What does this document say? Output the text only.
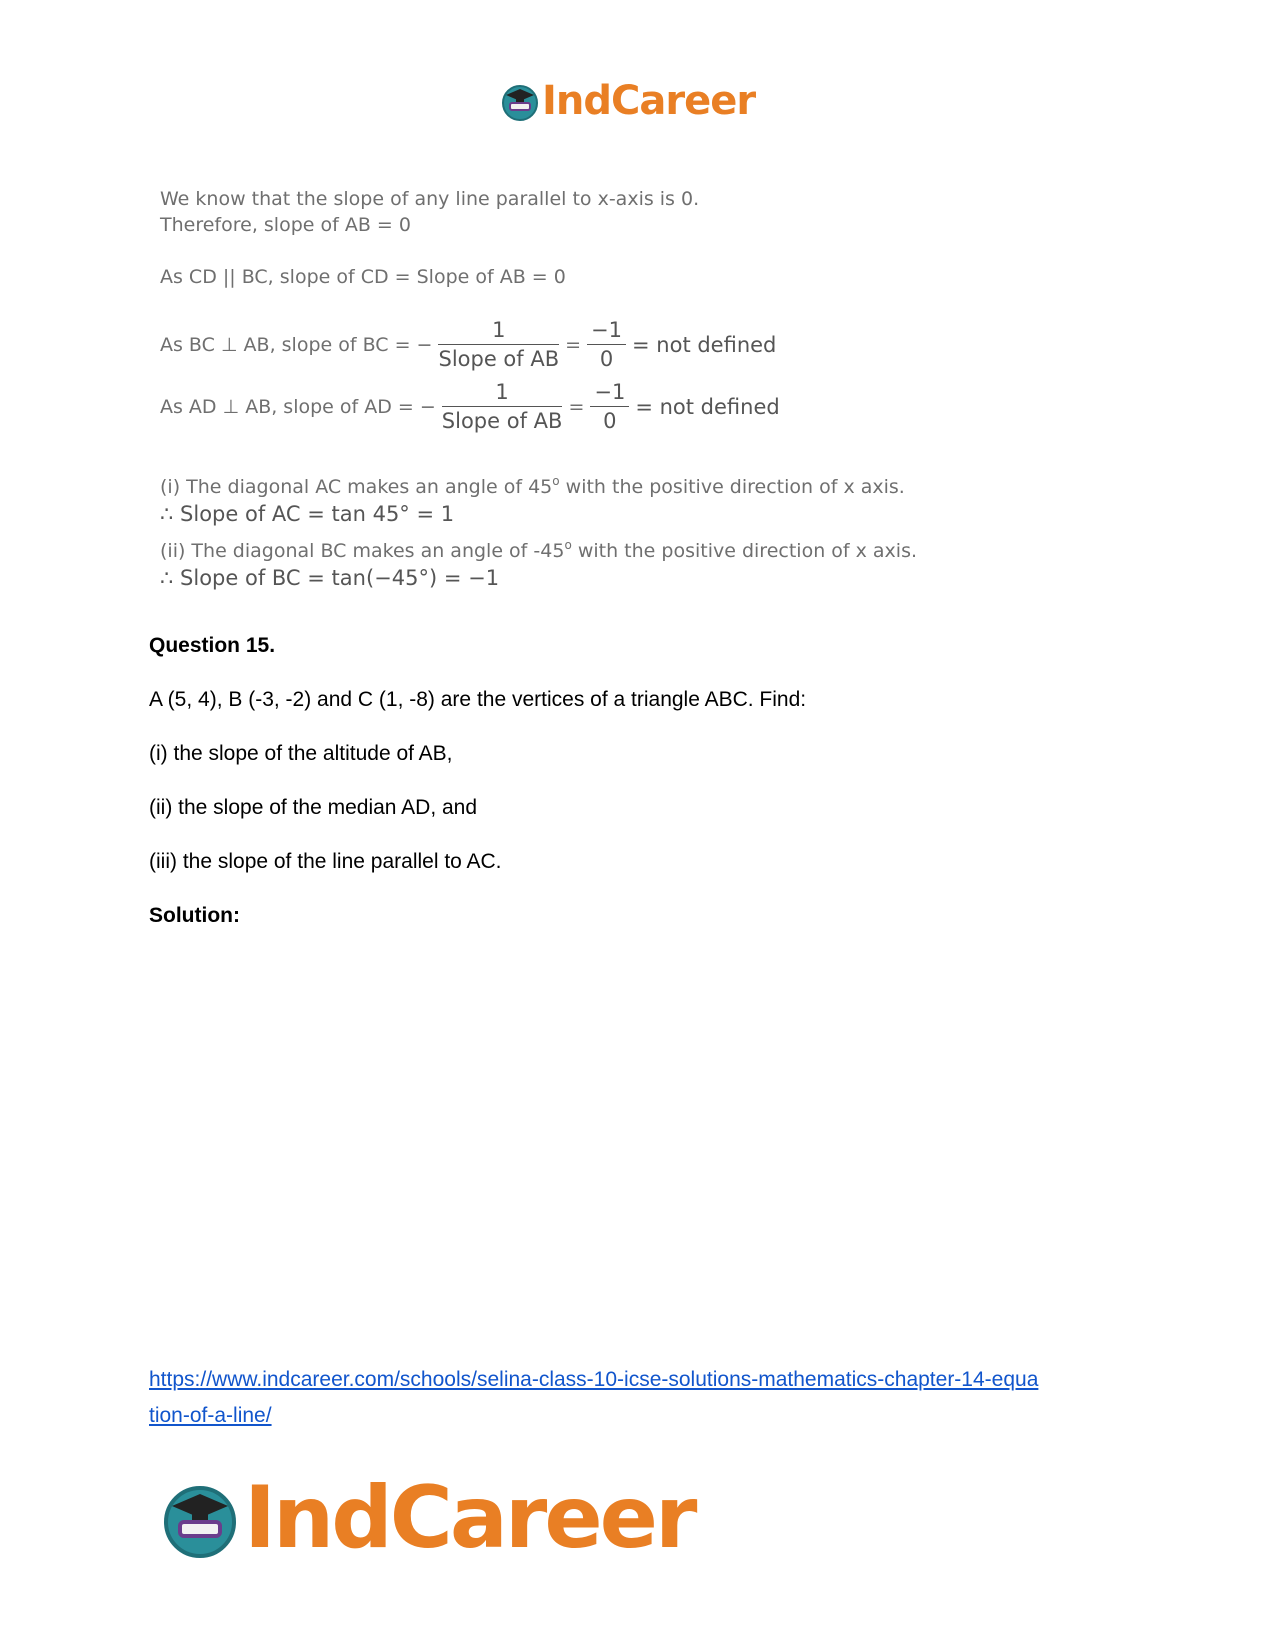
IndCareer
We know that the slope of any line parallel to x-axis is 0.
Therefore, slope of AB = 0
As CD || BC, slope of CD = Slope of AB = 0
As BC ⊥ AB, slope of BC = − $\frac{1}{\text{Slope of AB}} = \frac{-1}{0}$ = not defined
As AD ⊥ AB, slope of AD = − $\frac{1}{\text{Slope of AB}} = \frac{-1}{0}$ = not defined
(i) The diagonal AC makes an angle of 45$^o$ with the positive direction of x axis.
∴ Slope of AC = tan 45° = 1
(ii) The diagonal BC makes an angle of -45$^o$ with the positive direction of x axis.
∴ Slope of BC = tan(−45°) = −1
Question 15.
A (5, 4), B (-3, -2) and C (1, -8) are the vertices of a triangle ABC. Find:
(i) the slope of the altitude of AB,
(ii) the slope of the median AD, and
(iii) the slope of the line parallel to AC.
Solution:
https://www.indcareer.com/schools/selina-class-10-icse-solutions-mathematics-chapter-14-equa
tion-of-a-line/
IndCareer
